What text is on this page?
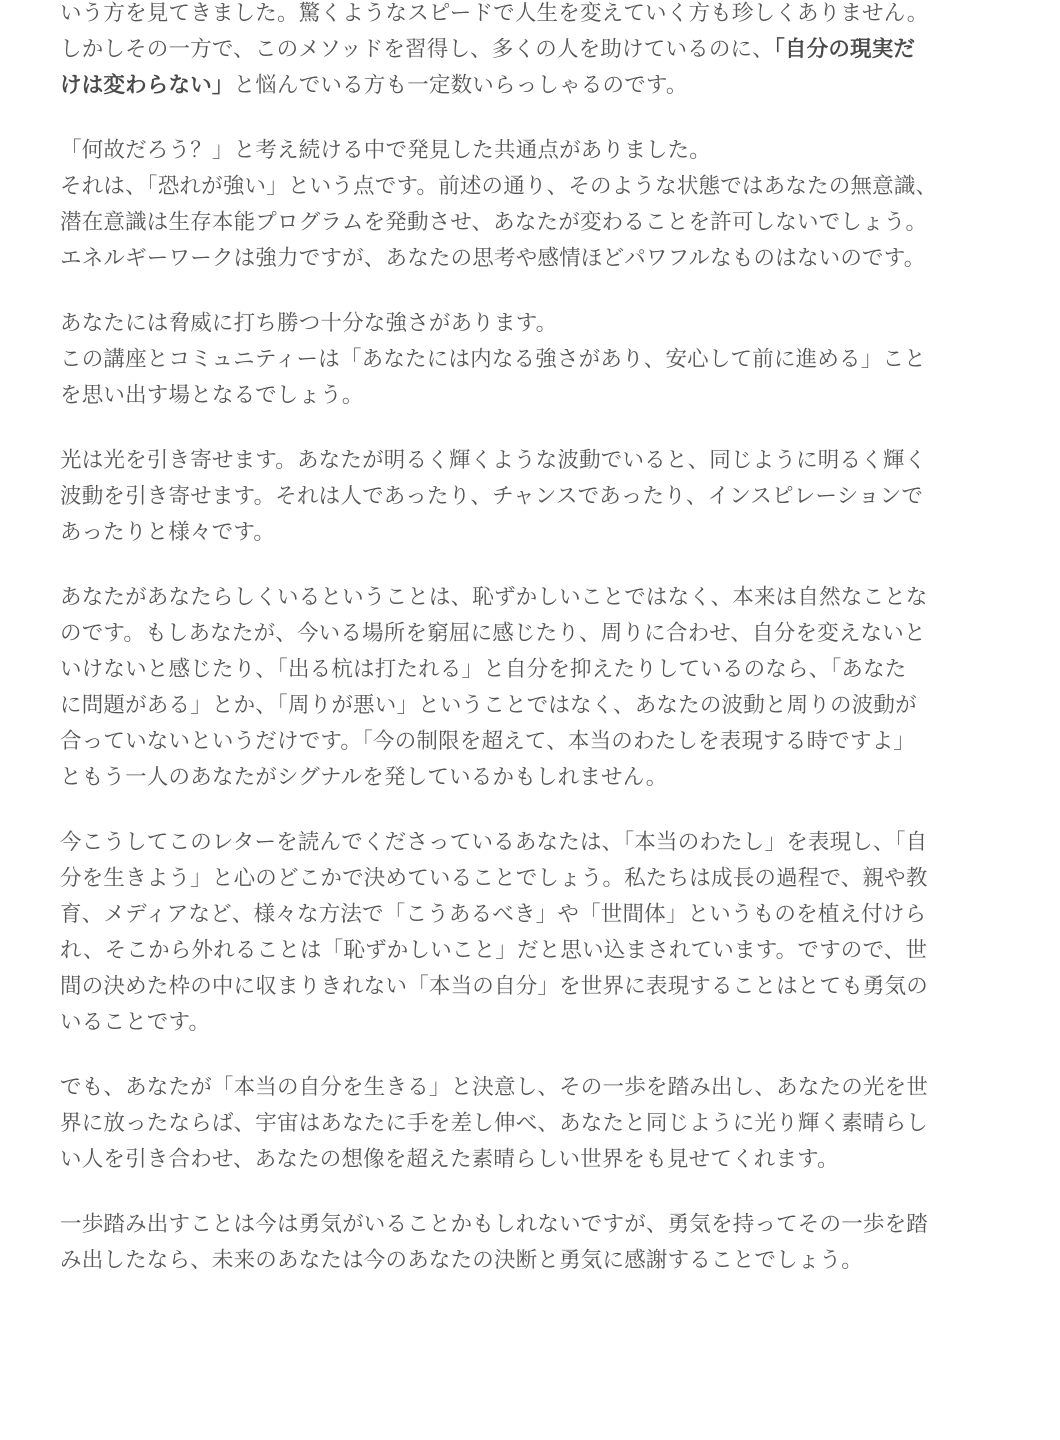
いう方を見てきました。驚くようなスピードで人生を変えていく方も珍しくありません。
しかしその一方で、このメソッドを習得し、多くの人を助けているのに、「自分の現実だ
けは変わらない」と悩んでいる方も一定数いらっしゃるのです。

「何故だろう？」と考え続ける中で発見した共通点がありました。
それは、「恐れが強い」という点です。前述の通り、そのような状態ではあなたの無意識、
潜在意識は生存本能プログラムを発動させ、あなたが変わることを許可しないでしょう。
エネルギーワークは強力ですが、あなたの思考や感情ほどパワフルなものはないのです。

あなたには脅威に打ち勝つ十分な強さがあります。
この講座とコミュニティーは「あなたには内なる強さがあり、安心して前に進める」こと
を思い出す場となるでしょう。

光は光を引き寄せます。あなたが明るく輝くような波動でいると、同じように明るく輝く
波動を引き寄せます。それは人であったり、チャンスであったり、インスピレーションで
あったりと様々です。

あなたがあなたらしくいるということは、恥ずかしいことではなく、本来は自然なことな
のです。もしあなたが、今いる場所を窮屈に感じたり、周りに合わせ、自分を変えないと
いけないと感じたり、「出る杭は打たれる」と自分を抑えたりしているのなら、「あなた
に問題がある」とか、「周りが悪い」ということではなく、あなたの波動と周りの波動が
合っていないというだけです。「今の制限を超えて、本当のわたしを表現する時ですよ」
ともう一人のあなたがシグナルを発しているかもしれません。

今こうしてこのレターを読んでくださっているあなたは、「本当のわたし」を表現し、「自
分を生きよう」と心のどこかで決めていることでしょう。私たちは成長の過程で、親や教
育、メディアなど、様々な方法で「こうあるべき」や「世間体」というものを植え付けら
れ、そこから外れることは「恥ずかしいこと」だと思い込まされています。ですので、世
間の決めた枠の中に収まりきれない「本当の自分」を世界に表現することはとても勇気の
いることです。

でも、あなたが「本当の自分を生きる」と決意し、その一歩を踏み出し、あなたの光を世
界に放ったならば、宇宙はあなたに手を差し伸べ、あなたと同じように光り輝く素晴らし
い人を引き合わせ、あなたの想像を超えた素晴らしい世界をも見せてくれます。

一歩踏み出すことは今は勇気がいることかもしれないですが、勇気を持ってその一歩を踏
み出したなら、未来のあなたは今のあなたの決断と勇気に感謝することでしょう。
